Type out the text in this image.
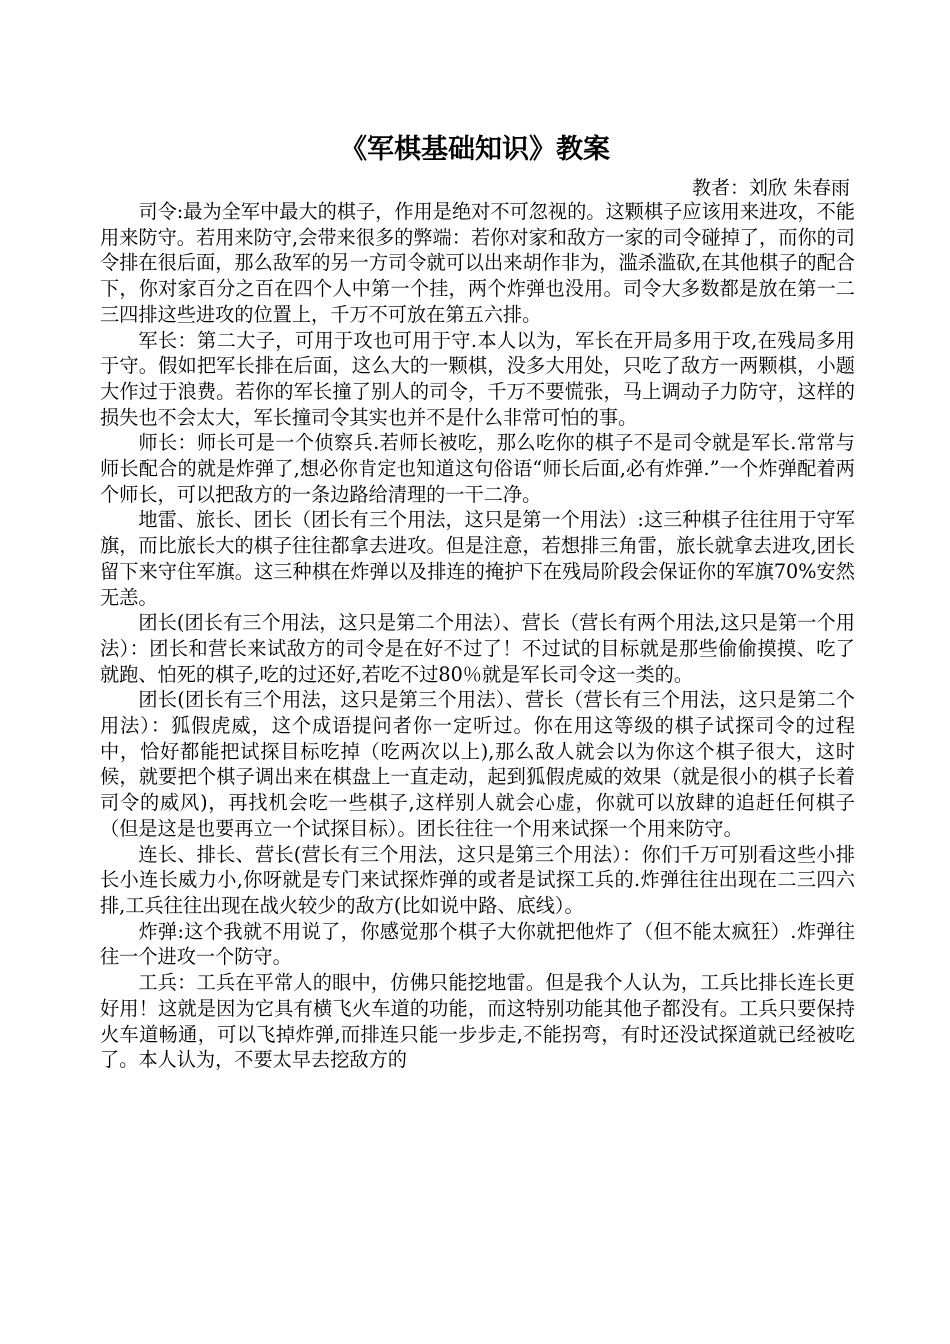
《军棋基础知识》教案
教者：刘欣 朱春雨

司令:最为全军中最大的棋子，作用是绝对不可忽视的。这颗棋子应该用来进攻，不能用来防守。若用来防守,会带来很多的弊端：若你对家和敌方一家的司令碰掉了，而你的司令排在很后面，那么敌军的另一方司令就可以出来胡作非为，滥杀滥砍,在其他棋子的配合下，你对家百分之百在四个人中第一个挂，两个炸弹也没用。司令大多数都是放在第一二三四排这些进攻的位置上，千万不可放在第五六排。

军长：第二大子，可用于攻也可用于守.本人以为，军长在开局多用于攻,在残局多用于守。假如把军长排在后面，这么大的一颗棋，没多大用处，只吃了敌方一两颗棋，小题大作过于浪费。若你的军长撞了别人的司令，千万不要慌张，马上调动子力防守，这样的损失也不会太大，军长撞司令其实也并不是什么非常可怕的事。

师长：师长可是一个侦察兵.若师长被吃，那么吃你的棋子不是司令就是军长.常常与师长配合的就是炸弹了,想必你肯定也知道这句俗语“师长后面,必有炸弹.”一个炸弹配着两个师长，可以把敌方的一条边路给清理的一干二净。

地雷、旅长、团长（团长有三个用法，这只是第一个用法）:这三种棋子往往用于守军旗，而比旅长大的棋子往往都拿去进攻。但是注意，若想排三角雷，旅长就拿去进攻,团长留下来守住军旗。这三种棋在炸弹以及排连的掩护下在残局阶段会保证你的军旗70%安然无恙。

团长(团长有三个用法，这只是第二个用法）、营长（营长有两个用法,这只是第一个用法）：团长和营长来试敌方的司令是在好不过了！不过试的目标就是那些偷偷摸摸、吃了就跑、怕死的棋子,吃的过还好,若吃不过80％就是军长司令这一类的。

团长(团长有三个用法，这只是第三个用法）、营长（营长有三个用法，这只是第二个用法）：狐假虎威，这个成语提问者你一定听过。你在用这等级的棋子试探司令的过程中，恰好都能把试探目标吃掉（吃两次以上),那么敌人就会以为你这个棋子很大，这时候，就要把个棋子调出来在棋盘上一直走动，起到狐假虎威的效果（就是很小的棋子长着司令的威风)，再找机会吃一些棋子,这样别人就会心虚，你就可以放肆的追赶任何棋子（但是这是也要再立一个试探目标）。团长往往一个用来试探一个用来防守。

连长、排长、营长(营长有三个用法，这只是第三个用法）：你们千万可别看这些小排长小连长威力小,你呀就是专门来试探炸弹的或者是试探工兵的.炸弹往往出现在二三四六排,工兵往往出现在战火较少的敌方(比如说中路、底线）。

炸弹:这个我就不用说了，你感觉那个棋子大你就把他炸了（但不能太疯狂）.炸弹往往一个进攻一个防守。

工兵：工兵在平常人的眼中，仿佛只能挖地雷。但是我个人认为，工兵比排长连长更好用！这就是因为它具有横飞火车道的功能，而这特别功能其他子都没有。工兵只要保持火车道畅通，可以飞掉炸弹,而排连只能一步步走,不能拐弯，有时还没试探道就已经被吃了。本人认为，不要太早去挖敌方的
